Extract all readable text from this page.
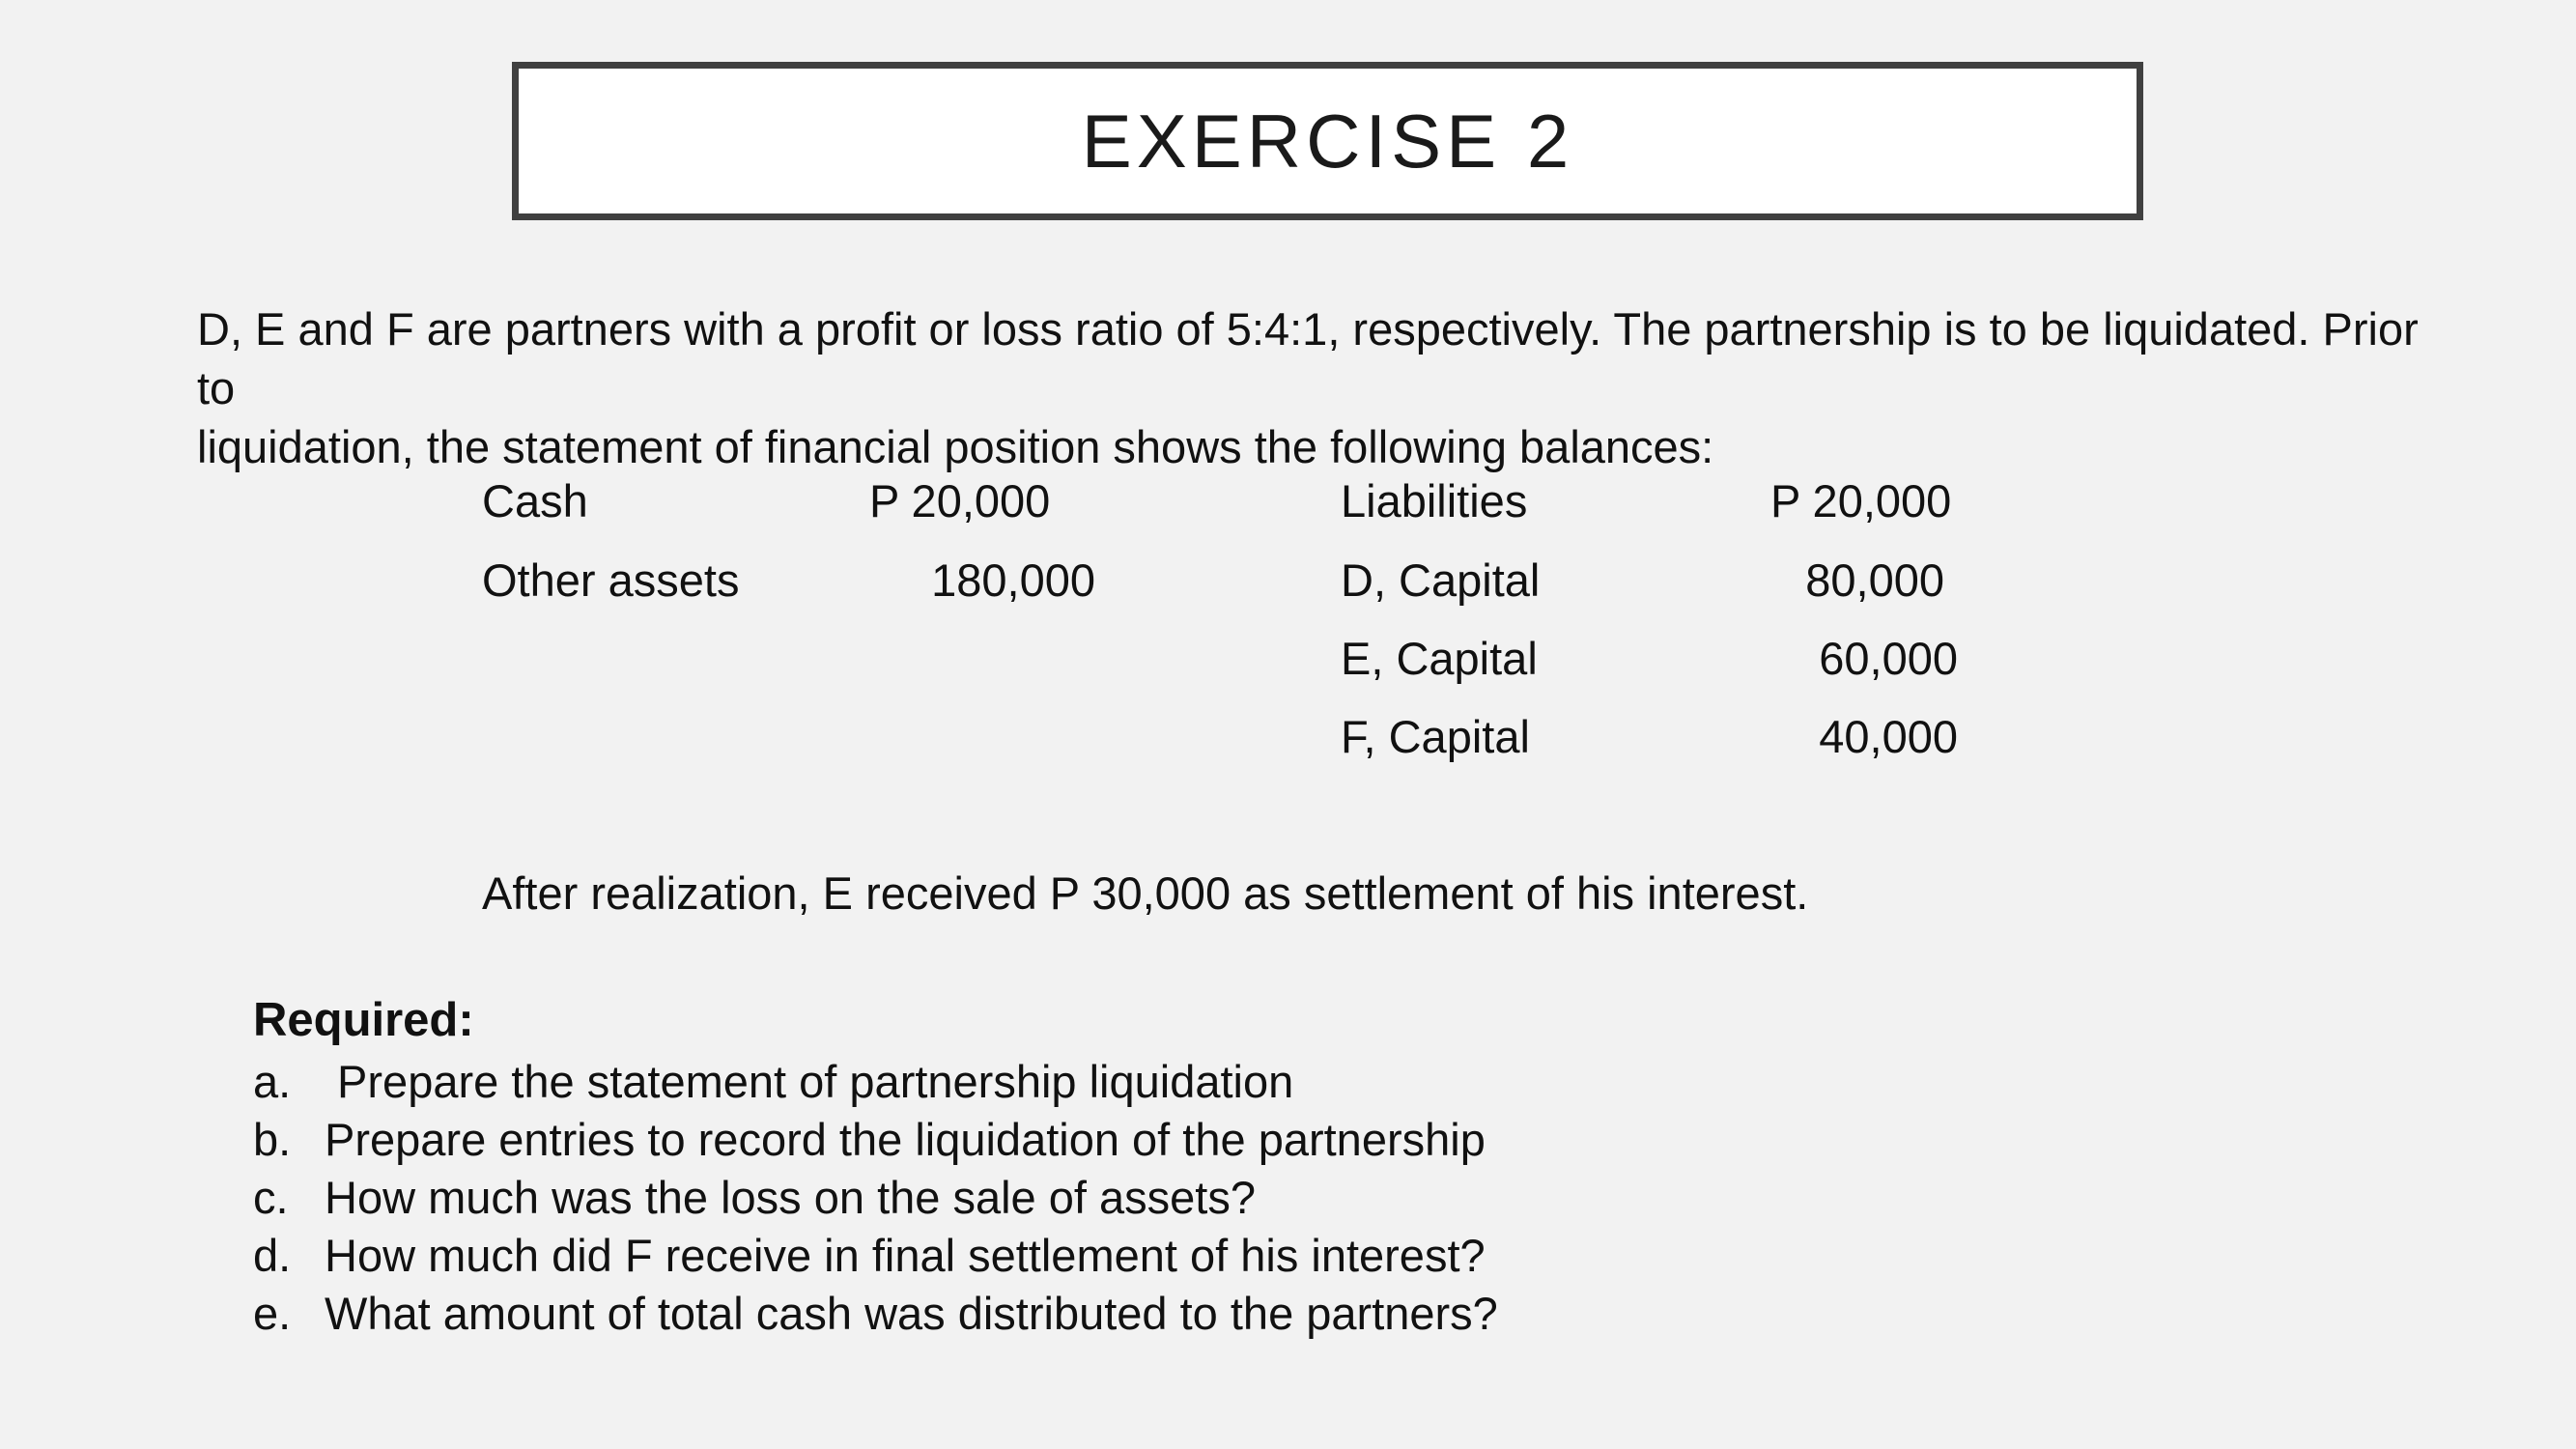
EXERCISE 2

D, E and F are partners with a profit or loss ratio of 5:4:1, respectively. The partnership is to be liquidated. Prior to

liquidation, the statement of financial position shows the following balances:

Cash	P 20,000
Other assets	180,000
Liabilities	P 20,000
D, Capital	80,000
E, Capital	60,000
F, Capital	40,000
After realization, E received P 30,000 as settlement of his interest.
Required:
a. Prepare the statement of partnership liquidation
b. Prepare entries to record the liquidation of the partnership
c. How much was the loss on the sale of assets?
d. How much did F receive in final settlement of his interest?
e. What amount of total cash was distributed to the partners?
